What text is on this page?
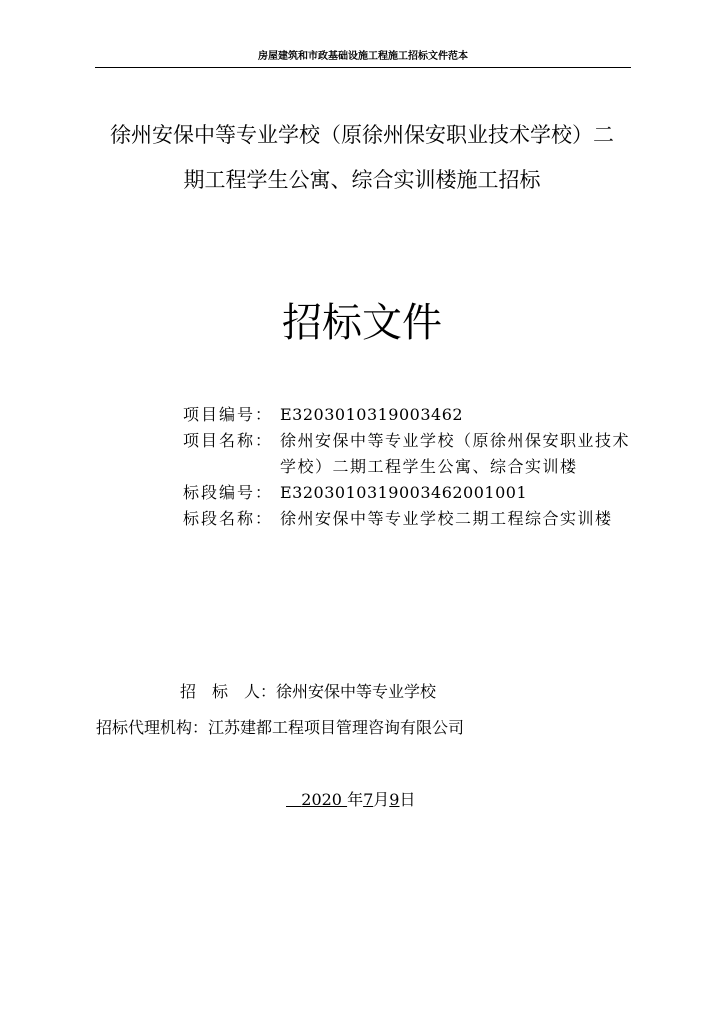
房屋建筑和市政基础设施工程施工招标文件范本
徐州安保中等专业学校（原徐州保安职业技术学校）二
期工程学生公寓、综合实训楼施工招标
招标文件
项目编号： E3203010319003462
项目名称： 徐州安保中等专业学校（原徐州保安职业技术学校）二期工程学生公寓、综合实训楼
标段编号： E3203010319003462001001
标段名称： 徐州安保中等专业学校二期工程综合实训楼
招　标　人：徐州安保中等专业学校
招标代理机构：江苏建都工程项目管理咨询有限公司
2020 年7月9日
